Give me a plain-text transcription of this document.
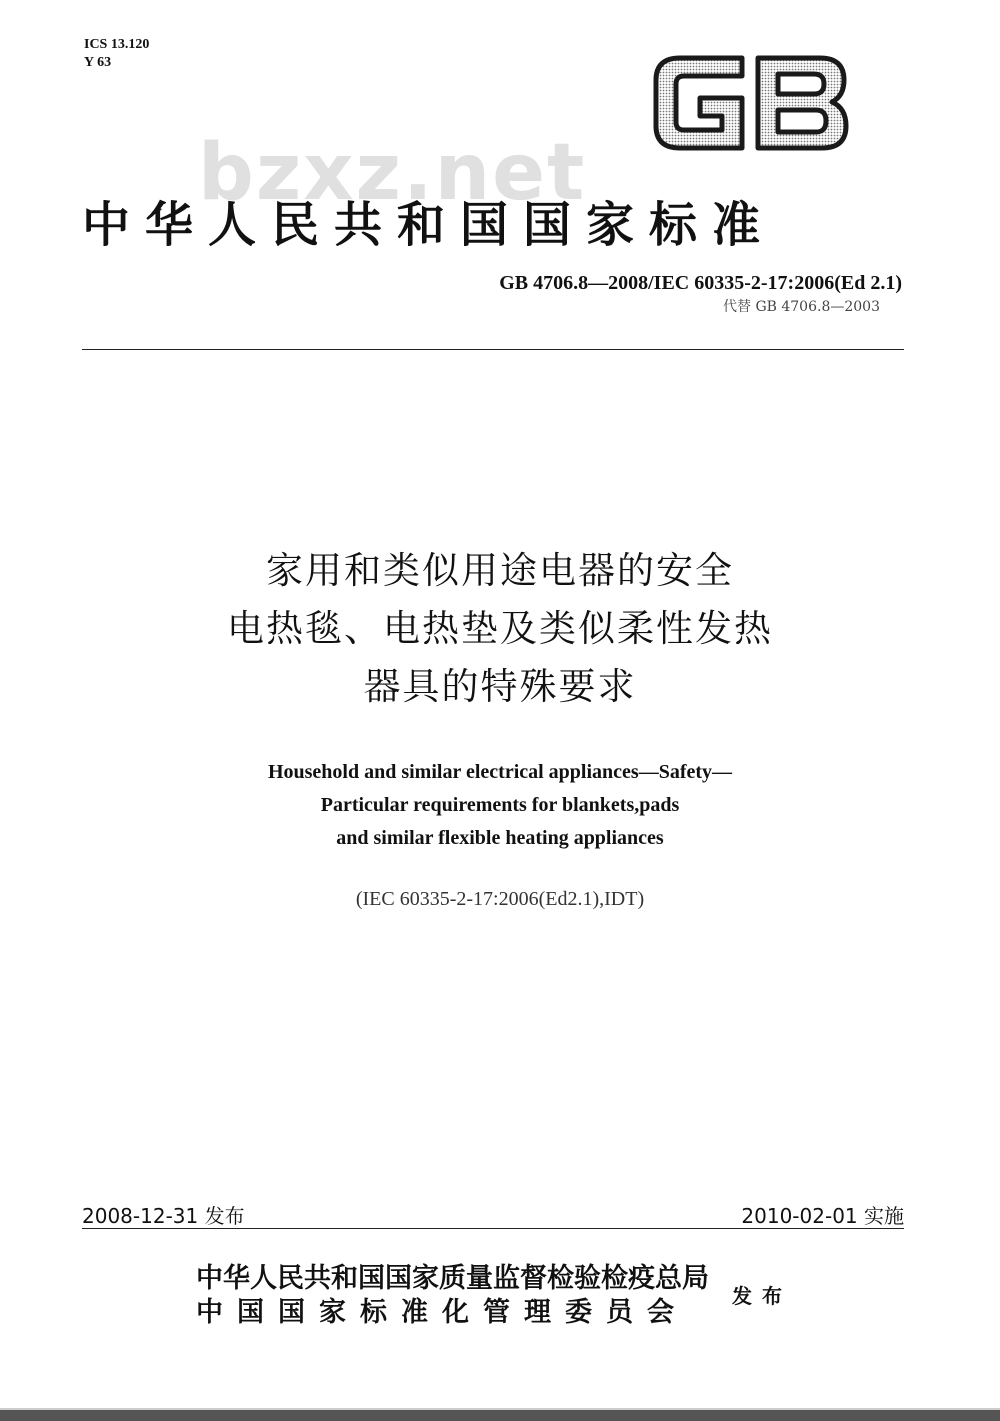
ICS 13.120
Y 63
bzxz.net
中华人民共和国国家标准
GB 4706.8—2008/IEC 60335-2-17:2006(Ed 2.1)
代替 GB 4706.8—2003
家用和类似用途电器的安全
电热毯、电热垫及类似柔性发热
器具的特殊要求
Household and similar electrical appliances—Safety—
Particular requirements for blankets,pads
and similar flexible heating appliances
(IEC 60335-2-17:2006(Ed2.1),IDT)
2008-12-31 发布	2010-02-01 实施
中华人民共和国国家质量监督检验检疫总局
中国国家标准化管理委员会
发布
